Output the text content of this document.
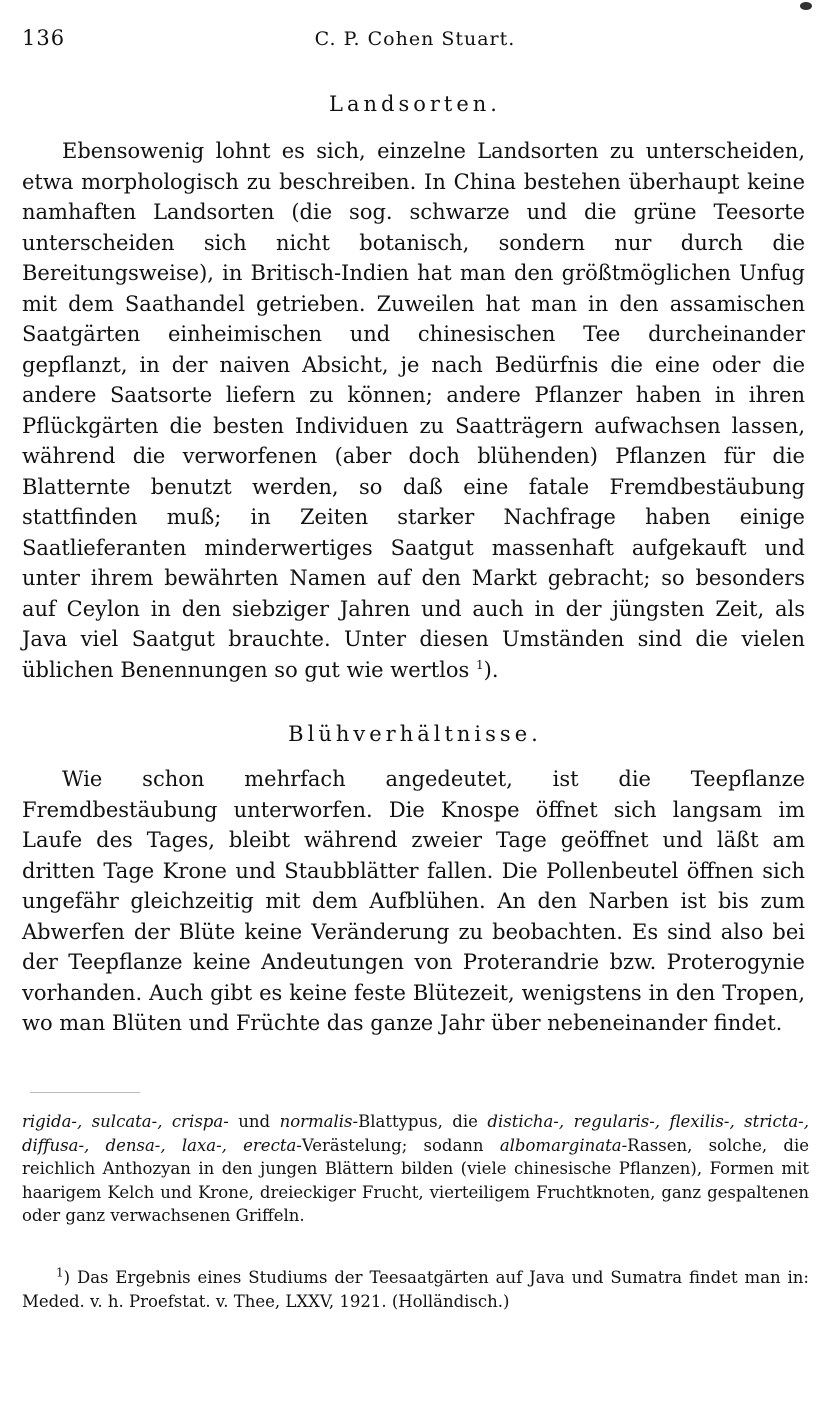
136	C. P. Cohen Stuart.
Landsorten.

Ebensowenig lohnt es sich, einzelne Landsorten zu unterscheiden, etwa morphologisch zu beschreiben. In China bestehen überhaupt keine namhaften Landsorten (die sog. schwarze und die grüne Teesorte unterscheiden sich nicht botanisch, sondern nur durch die Bereitungsweise), in Britisch-Indien hat man den größtmöglichen Unfug mit dem Saathandel getrieben. Zuweilen hat man in den assamischen Saatgärten einheimischen und chinesischen Tee durcheinander gepflanzt, in der naiven Absicht, je nach Bedürfnis die eine oder die andere Saatsorte liefern zu können; andere Pflanzer haben in ihren Pflückgärten die besten Individuen zu Saatträgern aufwachsen lassen, während die verworfenen (aber doch blühenden) Pflanzen für die Blatternte benutzt werden, so daß eine fatale Fremdbestäubung stattfinden muß; in Zeiten starker Nachfrage haben einige Saatlieferanten minderwertiges Saatgut massenhaft aufgekauft und unter ihrem bewährten Namen auf den Markt gebracht; so besonders auf Ceylon in den siebziger Jahren und auch in der jüngsten Zeit, als Java viel Saatgut brauchte. Unter diesen Umständen sind die vielen üblichen Benennungen so gut wie wertlos $^1$).

Blühverhältnisse.

Wie schon mehrfach angedeutet, ist die Teepflanze Fremdbestäubung unterworfen. Die Knospe öffnet sich langsam im Laufe des Tages, bleibt während zweier Tage geöffnet und läßt am dritten Tage Krone und Staubblätter fallen. Die Pollenbeutel öffnen sich ungefähr gleichzeitig mit dem Aufblühen. An den Narben ist bis zum Abwerfen der Blüte keine Veränderung zu beobachten. Es sind also bei der Teepflanze keine Andeutungen von Proterandrie bzw. Proterogynie vorhanden. Auch gibt es keine feste Blütezeit, wenigstens in den Tropen, wo man Blüten und Früchte das ganze Jahr über nebeneinander findet.

rigida-, sulcata-, crispa- und normalis-Blattypus, die disticha-, regularis-, flexilis-, stricta-, diffusa-, densa-, laxa-, erecta-Verästelung; sodann albomarginata-Rassen, solche, die reichlich Anthozyan in den jungen Blättern bilden (viele chinesische Pflanzen), Formen mit haarigem Kelch und Krone, dreieckiger Frucht, vierteiligem Fruchtknoten, ganz gespaltenen oder ganz verwachsenen Griffeln.

$^1$) Das Ergebnis eines Studiums der Teesaatgärten auf Java und Sumatra findet man in: Meded. v. h. Proefstat. v. Thee, LXXV, 1921. (Holländisch.)
